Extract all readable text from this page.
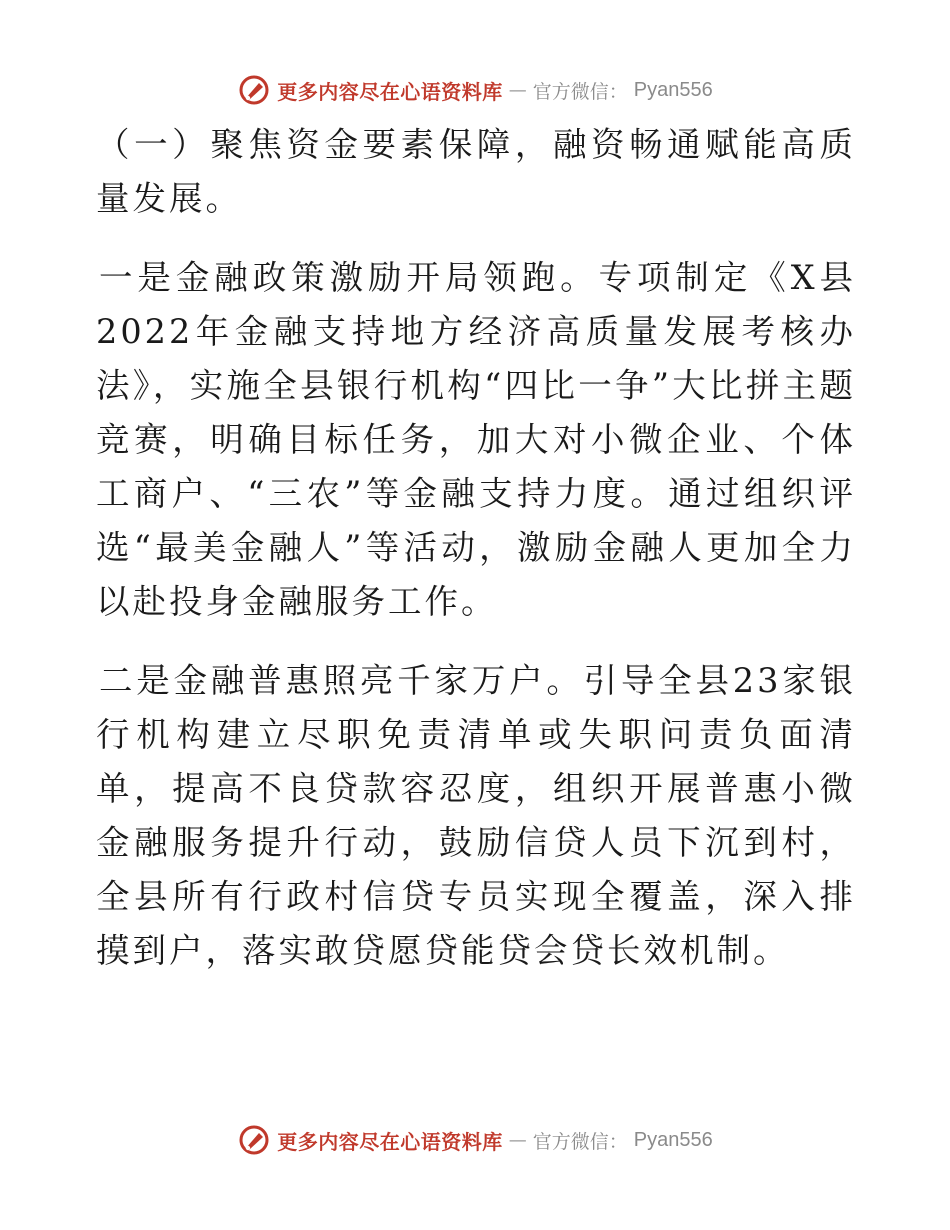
更多内容尽在心语资料库 — 官方微信： Pyan556

（一）聚焦资金要素保障，融资畅通赋能高质量发展。

一是金融政策激励开局领跑。专项制定《X县2022年金融支持地方经济高质量发展考核办法》，实施全县银行机构“四比一争”大比拼主题竞赛，明确目标任务，加大对小微企业、个体工商户、“三农”等金融支持力度。通过组织评选“最美金融人”等活动，激励金融人更加全力以赴投身金融服务工作。

二是金融普惠照亮千家万户。引导全县23家银行机构建立尽职免责清单或失职问责负面清单，提高不良贷款容忍度，组织开展普惠小微金融服务提升行动，鼓励信贷人员下沉到村，全县所有行政村信贷专员实现全覆盖，深入排摸到户，落实敢贷愿贷能贷会贷长效机制。

更多内容尽在心语资料库 — 官方微信： Pyan556
